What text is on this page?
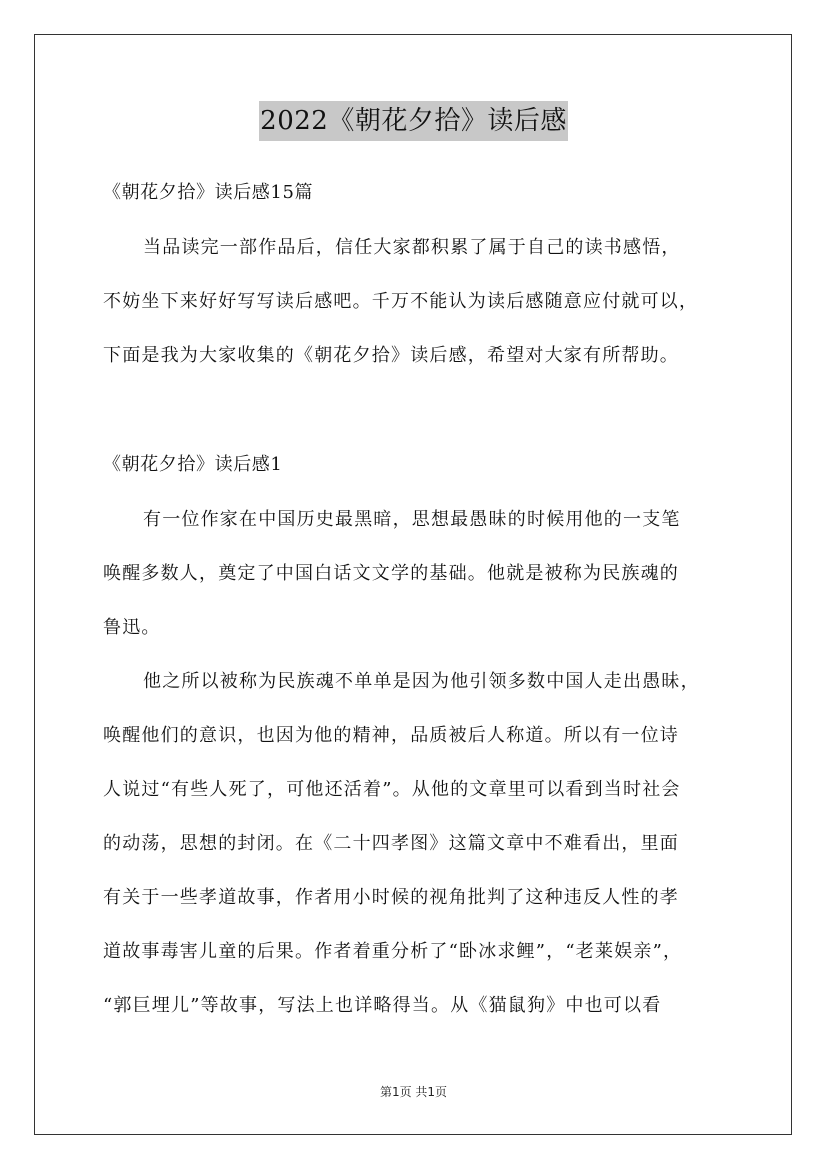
2022《朝花夕拾》读后感
《朝花夕拾》读后感15篇
当品读完一部作品后，信任大家都积累了属于自己的读书感悟，
不妨坐下来好好写写读后感吧。千万不能认为读后感随意应付就可以，
下面是我为大家收集的《朝花夕拾》读后感，希望对大家有所帮助。
《朝花夕拾》读后感1
有一位作家在中国历史最黑暗，思想最愚昧的时候用他的一支笔
唤醒多数人，奠定了中国白话文文学的基础。他就是被称为民族魂的
鲁迅。
他之所以被称为民族魂不单单是因为他引领多数中国人走出愚昧，
唤醒他们的意识，也因为他的精神，品质被后人称道。所以有一位诗
人说过“有些人死了，可他还活着”。从他的文章里可以看到当时社会
的动荡，思想的封闭。在《二十四孝图》这篇文章中不难看出，里面
有关于一些孝道故事，作者用小时候的视角批判了这种违反人性的孝
道故事毒害儿童的后果。作者着重分析了“卧冰求鲤”，“老莱娱亲”，
“郭巨埋儿”等故事，写法上也详略得当。从《猫鼠狗》中也可以看
第1页 共1页
